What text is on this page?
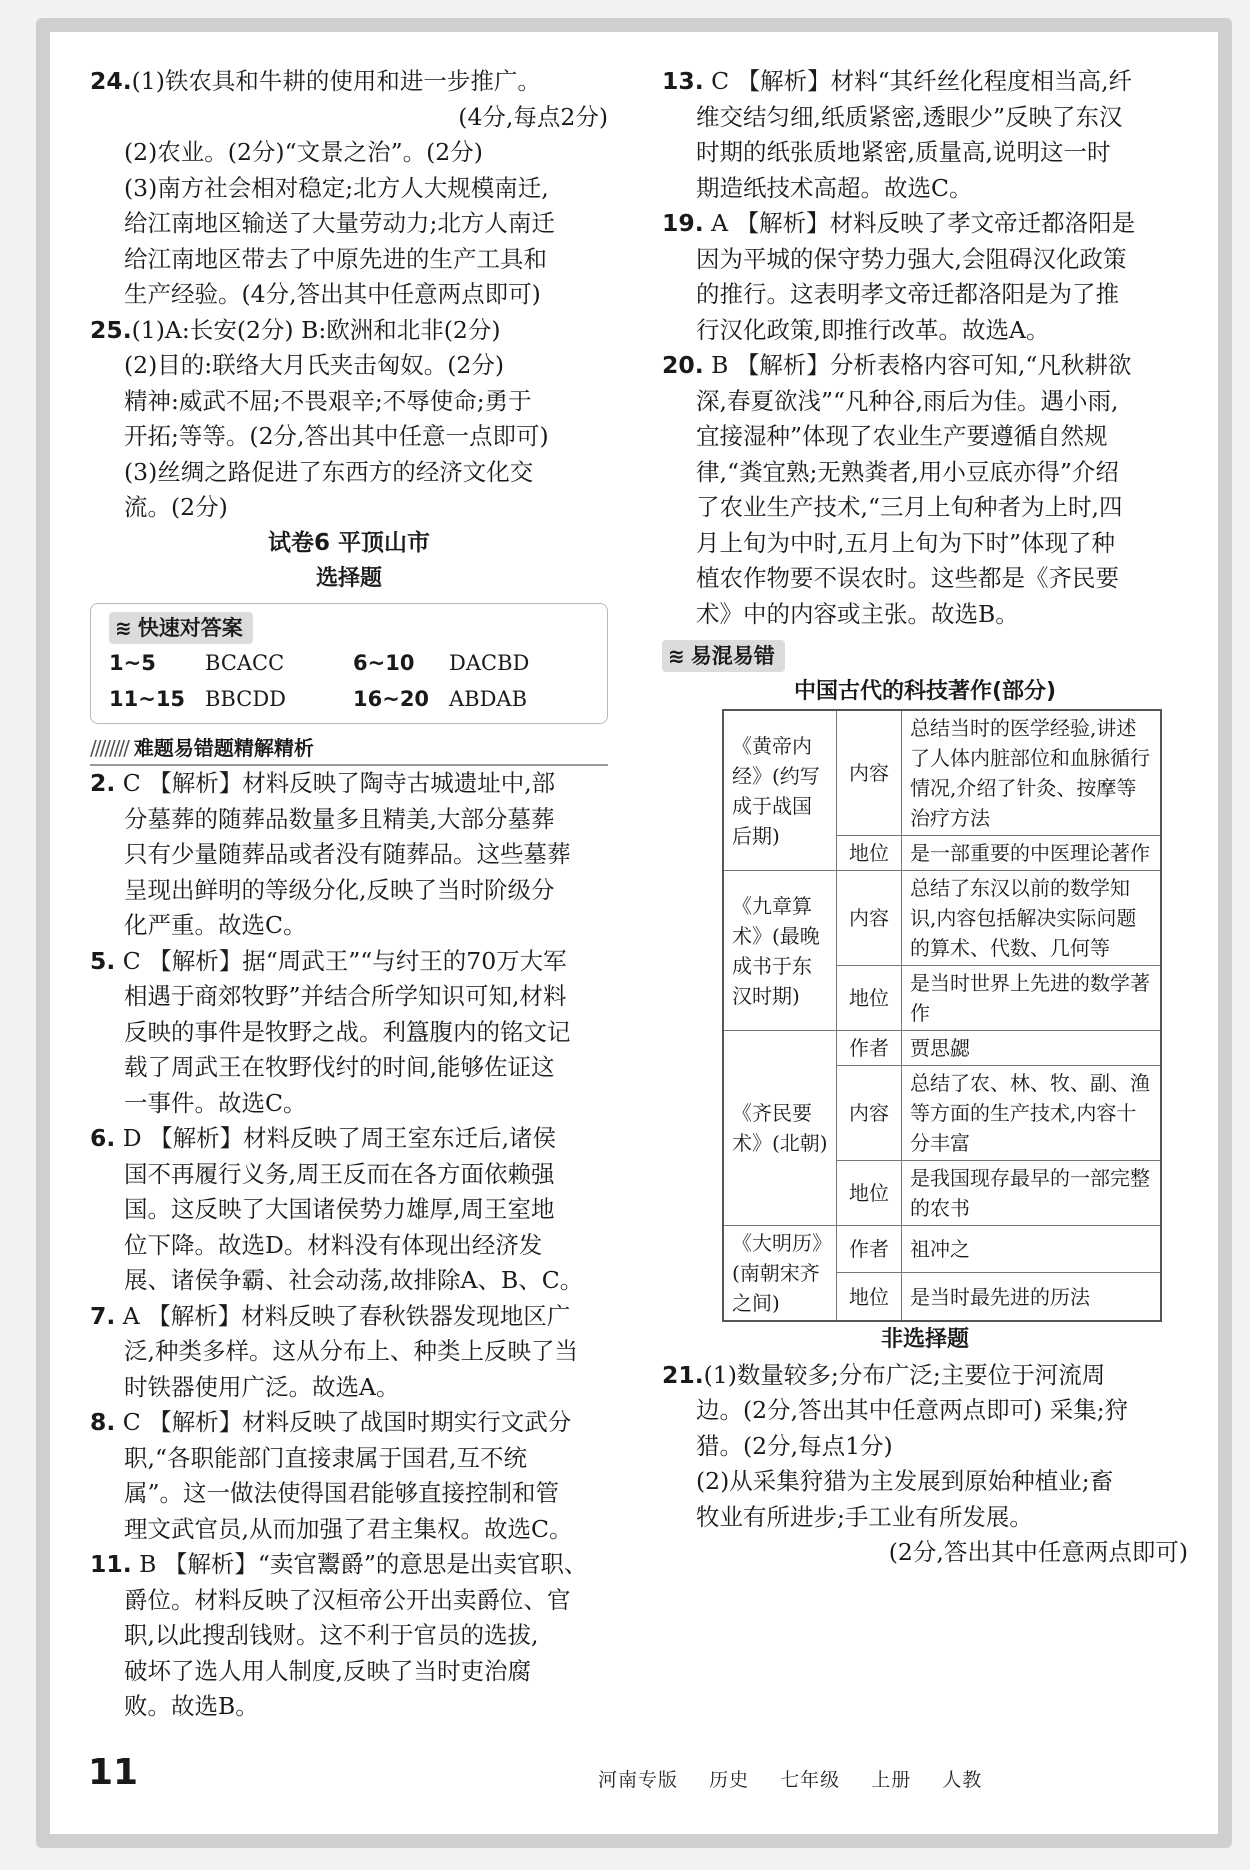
24.(1)铁农具和牛耕的使用和进一步推广。

(4分,每点2分)

(2)农业。(2分)“文景之治”。(2分)

(3)南方社会相对稳定;北方人大规模南迁,

给江南地区输送了大量劳动力;北方人南迁

给江南地区带去了中原先进的生产工具和

生产经验。(4分,答出其中任意两点即可)

25.(1)A:长安(2分) B:欧洲和北非(2分)

(2)目的:联络大月氏夹击匈奴。(2分)

精神:威武不屈;不畏艰辛;不辱使命;勇于

开拓;等等。(2分,答出其中任意一点即可)

(3)丝绸之路促进了东西方的经济文化交

流。(2分)

试卷6 平顶山市

选择题

≋ 快速对答案
1~5	BCACC	6~10	DACBD
11~15 BBCDD	16~20 ABDAB
//////// 难题易错题精解精析

2. C 【解析】材料反映了陶寺古城遗址中,部

分墓葬的随葬品数量多且精美,大部分墓葬

只有少量随葬品或者没有随葬品。这些墓葬

呈现出鲜明的等级分化,反映了当时阶级分

化严重。故选C。

5. C 【解析】据“周武王”“与纣王的70万大军

相遇于商郊牧野”并结合所学知识可知,材料

反映的事件是牧野之战。利簋腹内的铭文记

载了周武王在牧野伐纣的时间,能够佐证这

一事件。故选C。

6. D 【解析】材料反映了周王室东迁后,诸侯

国不再履行义务,周王反而在各方面依赖强

国。这反映了大国诸侯势力雄厚,周王室地

位下降。故选D。材料没有体现出经济发

展、诸侯争霸、社会动荡,故排除A、B、C。

7. A 【解析】材料反映了春秋铁器发现地区广

泛,种类多样。这从分布上、种类上反映了当

时铁器使用广泛。故选A。

8. C 【解析】材料反映了战国时期实行文武分

职,“各职能部门直接隶属于国君,互不统

属”。这一做法使得国君能够直接控制和管

理文武官员,从而加强了君主集权。故选C。

11. B 【解析】“卖官鬻爵”的意思是出卖官职、

爵位。材料反映了汉桓帝公开出卖爵位、官

职,以此搜刮钱财。这不利于官员的选拔,

破坏了选人用人制度,反映了当时吏治腐

败。故选B。

13. C 【解析】材料“其纤丝化程度相当高,纤

维交结匀细,纸质紧密,透眼少”反映了东汉

时期的纸张质地紧密,质量高,说明这一时

期造纸技术高超。故选C。

19. A 【解析】材料反映了孝文帝迁都洛阳是

因为平城的保守势力强大,会阻碍汉化政策

的推行。这表明孝文帝迁都洛阳是为了推

行汉化政策,即推行改革。故选A。

20. B 【解析】分析表格内容可知,“凡秋耕欲

深,春夏欲浅”“凡种谷,雨后为佳。遇小雨,

宜接湿种”体现了农业生产要遵循自然规

律,“粪宜熟;无熟粪者,用小豆底亦得”介绍

了农业生产技术,“三月上旬种者为上时,四

月上旬为中时,五月上旬为下时”体现了种

植农作物要不误农时。这些都是《齐民要

术》中的内容或主张。故选B。

≋ 易混易错

中国古代的科技著作(部分)

《黄帝内经》(约写成于战国后期)	内容	总结当时的医学经验,讲述了人体内脏部位和血脉循行情况,介绍了针灸、按摩等治疗方法
	地位	是一部重要的中医理论著作
《九章算术》(最晚成书于东汉时期)	内容	总结了东汉以前的数学知识,内容包括解决实际问题的算术、代数、几何等
	地位	是当时世界上先进的数学著作
《齐民要术》(北朝)	作者	贾思勰
	内容	总结了农、林、牧、副、渔等方面的生产技术,内容十分丰富
	地位	是我国现存最早的一部完整的农书
《大明历》(南朝宋齐之间)	作者	祖冲之
	地位	是当时最先进的历法

非选择题

21.(1)数量较多;分布广泛;主要位于河流周

边。(2分,答出其中任意两点即可) 采集;狩

猎。(2分,每点1分)

(2)从采集狩猎为主发展到原始种植业;畜

牧业有所进步;手工业有所发展。

(2分,答出其中任意两点即可)

11	河南专版 历史 七年级 上册 人教
